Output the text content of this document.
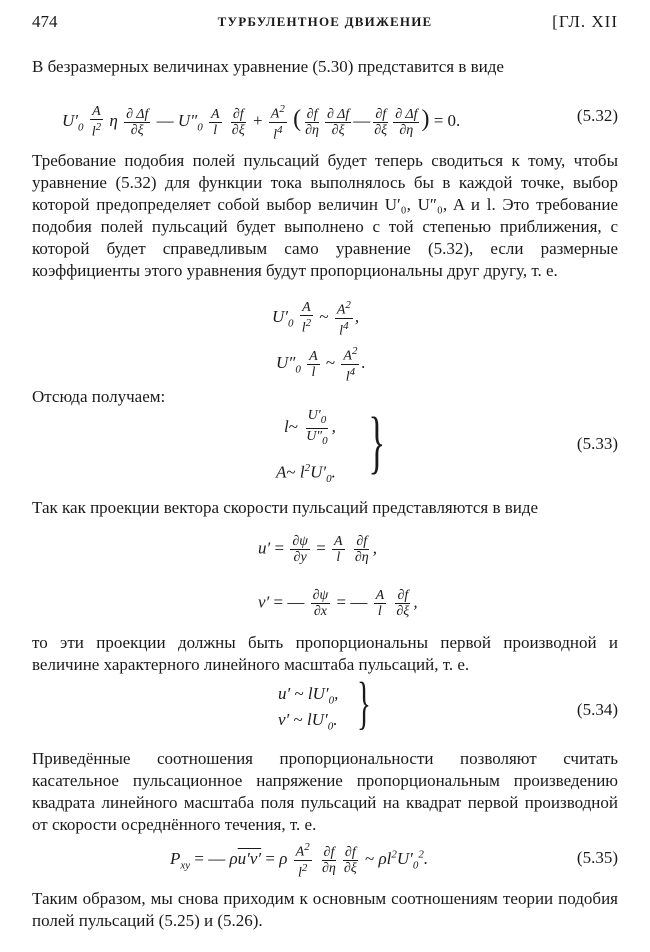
474	ТУРБУЛЕНТНОЕ ДВИЖЕНИЕ	[ГЛ. XII

В безразмерных величинах уравнение (5.30) представится в виде

$U'_0 \frac{A}{l^2}$ η $\frac{\partial \Delta f}{\partial\xi}$ — $U''_0 \frac{A}{l}$
$\frac{\partial f}{\partial\xi} + \frac{A^2}{l^4}$ ( $\frac{\partial f}{\partial\eta} \frac{\partial \Delta f}{\partial\xi}$ — $\frac{\partial f}{\partial\xi} \frac{\partial \Delta f}{\partial\eta}$ ) = 0.	(5.32)

Требование подобия полей пульсаций будет теперь сводиться к тому, чтобы уравнение (5.32) для функции тока выполнялось бы в каждой точке, выбор которой предопределяет собой выбор величин U′₀, U″₀, A и l. Это требование подобия полей пульсаций будет выполнено с той степенью приближения, с которой будет справедливым само уравнение (5.32), если размерные коэффициенты этого уравнения будут пропорциональны друг другу, т. е.

$U'_0 \frac{A}{l^2}$ ~ $\frac{A^2}{l^4}$ ,
$U''_0 \frac{A}{l}$ ~ $\frac{A^2}{l^4}$ .

Отсюда получаем:

l~ $\frac{U'_0}{U''_0}$ ,
A~ $l^2U'_0$. }	(5.33)

Так как проекции вектора скорости пульсаций представляются в виде

$u' = \frac{\partial\psi}{\partial y} = \frac{A}{l}$
$\frac{\partial f}{\partial\eta}$ ,
v′ = — $\frac{\partial\psi}{\partial x}$ = — $\frac{A}{l}$
$\frac{\partial f}{\partial\xi}$ ,

то эти проекции должны быть пропорциональны первой производной и величине характерного линейного масштаба пульсаций, т. е.

u′ ~ $lU'_0$,
v′ ~ $lU'_0$. }	(5.34)

Приведённые соотношения пропорциональности позволяют считать касательное пульсационное напряжение пропорциональным произведению квадрата линейного масштаба поля пульсаций на квадрат первой производной от скорости осреднённого течения, т. е.

$P_{xy}$ = — ρu′v′ = ρ $\frac{A^2}{l^2}$
$\frac{\partial f}{\partial\eta} \frac{\partial f}{\partial\xi}$ ~ $\rho l^2U'_0^2$.	(5.35)

Таким образом, мы снова приходим к основным соотношениям теории подобия полей пульсаций (5.25) и (5.26).
